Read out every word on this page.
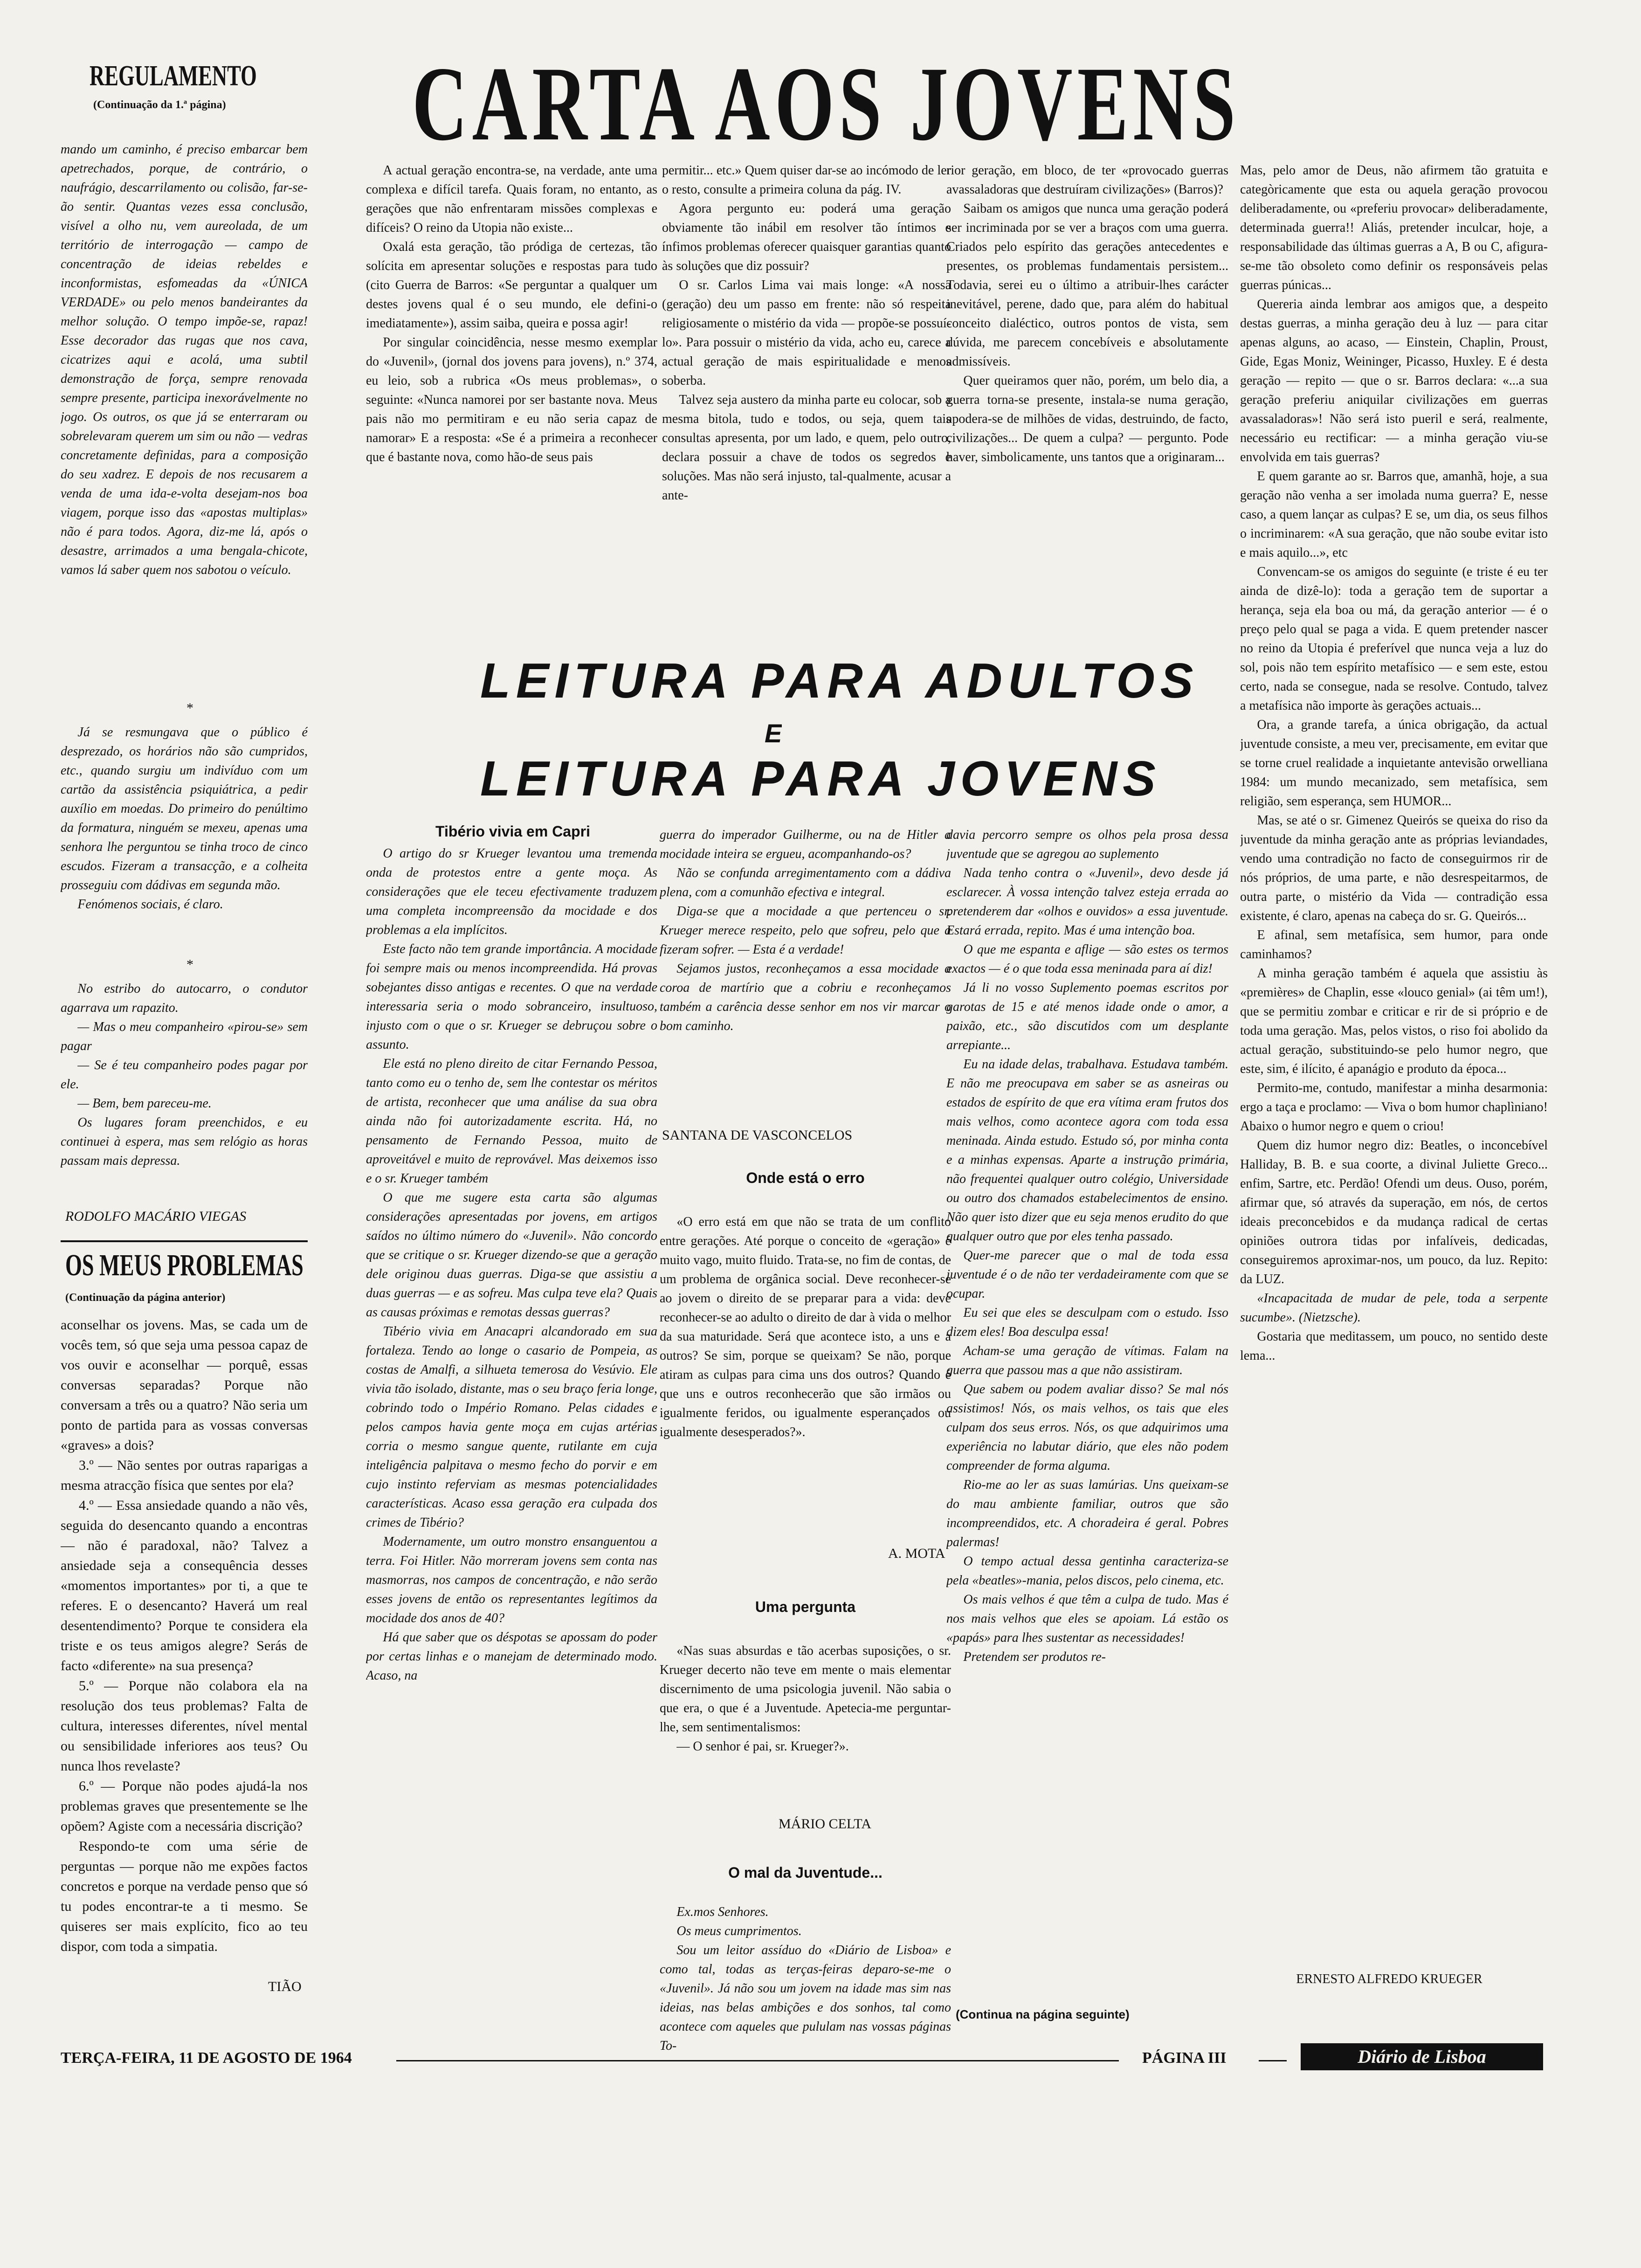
REGULAMENTO
(Continuação da 1.ª página)

mando um caminho, é preciso embarcar bem apetrechados, porque, de contrário, o naufrágio, descarrilamento ou colisão, far-se-ão sentir. Quantas vezes essa conclusão, visível a olho nu, vem aureolada, de um território de interrogação — campo de concentração de ideias rebeldes e inconformistas, esfomeadas da «ÚNICA VERDADE» ou pelo menos bandeirantes da melhor solução. O tempo impõe-se, rapaz! Esse decorador das rugas que nos cava, cicatrizes aqui e acolá, uma subtil demonstração de força, sempre renovada sempre presente, participa inexorávelmente no jogo. Os outros, os que já se enterraram ou sobrelevaram querem um sim ou não — vedras concretamente definidas, para a composição do seu xadrez. E depois de nos recusarem a venda de uma ida-e-volta desejam-nos boa viagem, porque isso das «apostas multiplas» não é para todos. Agora, diz-me lá, após o desastre, arrimados a uma bengala-chicote, vamos lá saber quem nos sabotou o veículo.

*

Já se resmungava que o público é desprezado, os horários não são cumpridos, etc., quando surgiu um indivíduo com um cartão da assistência psiquiátrica, a pedir auxílio em moedas. Do primeiro do penúltimo da formatura, ninguém se mexeu, apenas uma senhora lhe perguntou se tinha troco de cinco escudos. Fizeram a transacção, e a colheita prosseguiu com dádivas em segunda mão.

Fenómenos sociais, é claro.

*

No estribo do autocarro, o condutor agarrava um rapazito.

— Mas o meu companheiro «pirou-se» sem pagar

— Se é teu companheiro podes pagar por ele.

— Bem, bem pareceu-me.

Os lugares foram preenchidos, e eu continuei à espera, mas sem relógio as horas passam mais depressa.

RODOLFO MACÁRIO VIEGAS
OS MEUS PROBLEMAS
(Continuação da página anterior)

aconselhar os jovens. Mas, se cada um de vocês tem, só que seja uma pessoa capaz de vos ouvir e aconselhar — porquê, essas conversas separadas? Porque não conversam a três ou a quatro? Não seria um ponto de partida para as vossas conversas «graves» a dois?

3.º — Não sentes por outras raparigas a mesma atracção física que sentes por ela?

4.º — Essa ansiedade quando a não vês, seguida do desencanto quando a encontras — não é paradoxal, não? Talvez a ansiedade seja a consequência desses «momentos importantes» por ti, a que te referes. E o desencanto? Haverá um real desentendimento? Porque te considera ela triste e os teus amigos alegre? Serás de facto «diferente» na sua presença?

5.º — Porque não colabora ela na resolução dos teus problemas? Falta de cultura, interesses diferentes, nível mental ou sensibilidade inferiores aos teus? Ou nunca lhos revelaste?

6.º — Porque não podes ajudá-la nos problemas graves que presentemente se lhe opõem? Agiste com a necessária discrição?

Respondo-te com uma série de perguntas — porque não me expões factos concretos e porque na verdade penso que só tu podes encontrar-te a ti mesmo. Se quiseres ser mais explícito, fico ao teu dispor, com toda a simpatia.

TIÃO
CARTA AOS JOVENS

A actual geração encontra-se, na verdade, ante uma complexa e difícil tarefa. Quais foram, no entanto, as gerações que não enfrentaram missões complexas e difíceis? O reino da Utopia não existe...

Oxalá esta geração, tão pródiga de certezas, tão solícita em apresentar soluções e respostas para tudo (cito Guerra de Barros: «Se perguntar a qualquer um destes jovens qual é o seu mundo, ele defini-o imediatamente»), assim saiba, queira e possa agir!

Por singular coincidência, nesse mesmo exemplar do «Juvenil», (jornal dos jovens para jovens), n.º 374, eu leio, sob a rubrica «Os meus problemas», o seguinte: «Nunca namorei por ser bastante nova. Meus pais não mo permitiram e eu não seria capaz de namorar» E a resposta: «Se é a primeira a reconhecer que é bastante nova, como hão-de seus pais

permitir... etc.» Quem quiser dar-se ao incómodo de ler o resto, consulte a primeira coluna da pág. IV.

Agora pergunto eu: poderá uma geração obviamente tão inábil em resolver tão íntimos e ínfimos problemas oferecer quaisquer garantias quanto às soluções que diz possuir?

O sr. Carlos Lima vai mais longe: «A nossa (geração) deu um passo em frente: não só respeita religiosamente o mistério da vida — propõe-se possuí-lo». Para possuir o mistério da vida, acho eu, carece a actual geração de mais espiritualidade e menos soberba.

Talvez seja austero da minha parte eu colocar, sob a mesma bitola, tudo e todos, ou seja, quem tais consultas apresenta, por um lado, e quem, pelo outro, declara possuir a chave de todos os segredos e soluções. Mas não será injusto, tal-qualmente, acusar a ante-

rior geração, em bloco, de ter «provocado guerras avassaladoras que destruíram civilizações» (Barros)?

Saibam os amigos que nunca uma geração poderá ser incriminada por se ver a braços com uma guerra. Criados pelo espírito das gerações antecedentes e presentes, os problemas fundamentais persistem... Todavia, serei eu o último a atribuir-lhes carácter inevitável, perene, dado que, para além do habitual conceito dialéctico, outros pontos de vista, sem dúvida, me parecem concebíveis e absolutamente admissíveis.

Quer queiramos quer não, porém, um belo dia, a guerra torna-se presente, instala-se numa geração, apodera-se de milhões de vidas, destruindo, de facto, civilizações... De quem a culpa? — pergunto. Pode haver, simbolicamente, uns tantos que a originaram...

Mas, pelo amor de Deus, não afirmem tão gratuita e categòricamente que esta ou aquela geração provocou deliberadamente, ou «preferiu provocar» deliberadamente, determinada guerra!! Aliás, pretender inculcar, hoje, a responsabilidade das últimas guerras a A, B ou C, afigura-se-me tão obsoleto como definir os responsáveis pelas guerras púnicas...

Quereria ainda lembrar aos amigos que, a despeito destas guerras, a minha geração deu à luz — para citar apenas alguns, ao acaso, — Einstein, Chaplin, Proust, Gide, Egas Moniz, Weininger, Picasso, Huxley. E é desta geração — repito — que o sr. Barros declara: «...a sua geração preferiu aniquilar civilizações em guerras avassaladoras»! Não será isto pueril e será, realmente, necessário eu rectificar: — a minha geração viu-se envolvida em tais guerras?

E quem garante ao sr. Barros que, amanhã, hoje, a sua geração não venha a ser imolada numa guerra? E, nesse caso, a quem lançar as culpas? E se, um dia, os seus filhos o incriminarem: «A sua geração, que não soube evitar isto e mais aquilo...», etc

Convencam-se os amigos do seguinte (e triste é eu ter ainda de dizê-lo): toda a geração tem de suportar a herança, seja ela boa ou má, da geração anterior — é o preço pelo qual se paga a vida. E quem pretender nascer no reino da Utopia é preferível que nunca veja a luz do sol, pois não tem espírito metafísico — e sem este, estou certo, nada se consegue, nada se resolve. Contudo, talvez a metafísica não importe às gerações actuais...

Ora, a grande tarefa, a única obrigação, da actual juventude consiste, a meu ver, precisamente, em evitar que se torne cruel realidade a inquietante antevisão orwelliana 1984: um mundo mecanizado, sem metafísica, sem religião, sem esperança, sem HUMOR...

Mas, se até o sr. Gimenez Queirós se queixa do riso da juventude da minha geração ante as próprias leviandades, vendo uma contradição no facto de conseguirmos rir de nós próprios, de uma parte, e não desrespeitarmos, de outra parte, o mistério da Vida — contradição essa existente, é claro, apenas na cabeça do sr. G. Queirós...

E afinal, sem metafísica, sem humor, para onde caminhamos?

A minha geração também é aquela que assistiu às «premières» de Chaplin, esse «louco genial» (ai têm um!), que se permitiu zombar e criticar e rir de si próprio e de toda uma geração. Mas, pelos vistos, o riso foi abolido da actual geração, substituindo-se pelo humor negro, que este, sim, é ilícito, é apanágio e produto da época...

Permito-me, contudo, manifestar a minha desarmonia: ergo a taça e proclamo: — Viva o bom humor chaplìniano! Abaixo o humor negro e quem o criou!

Quem diz humor negro diz: Beatles, o inconcebível Halliday, B. B. e sua coorte, a divinal Juliette Greco... enfim, Sartre, etc. Perdão! Ofendi um deus. Ouso, porém, afirmar que, só através da superação, em nós, de certos ideais preconcebidos e da mudança radical de certas opiniões outrora tidas por infalíveis, dedicadas, conseguiremos aproximar-nos, um pouco, da luz. Repito: da LUZ.

«Incapacitada de mudar de pele, toda a serpente sucumbe». (Nietzsche).

Gostaria que meditassem, um pouco, no sentido deste lema...

ERNESTO ALFREDO KRUEGER
LEITURA PARA ADULTOS
E
LEITURA PARA JOVENS
Tibério vivia em Capri

O artigo do sr Krueger levantou uma tremenda onda de protestos entre a gente moça. As considerações que ele teceu efectivamente traduzem uma completa incompreensão da mocidade e dos problemas a ela implícitos.

Este facto não tem grande importância. A mocidade foi sempre mais ou menos incompreendida. Há provas sobejantes disso antigas e recentes. O que na verdade interessaria seria o modo sobranceiro, insultuoso, injusto com o que o sr. Krueger se debruçou sobre o assunto.

Ele está no pleno direito de citar Fernando Pessoa, tanto como eu o tenho de, sem lhe contestar os méritos de artista, reconhecer que uma análise da sua obra ainda não foi autorizadamente escrita. Há, no pensamento de Fernando Pessoa, muito de aproveitável e muito de reprovável. Mas deixemos isso e o sr. Krueger também

O que me sugere esta carta são algumas considerações apresentadas por jovens, em artigos saídos no último número do «Juvenil». Não concordo que se critique o sr. Krueger dizendo-se que a geração dele originou duas guerras. Diga-se que assistiu a duas guerras — e as sofreu. Mas culpa teve ela? Quais as causas próximas e remotas dessas guerras?

Tibério vivia em Anacapri alcandorado em sua fortaleza. Tendo ao longe o casario de Pompeia, as costas de Amalfi, a silhueta temerosa do Vesúvio. Ele vivia tão isolado, distante, mas o seu braço feria longe, cobrindo todo o Império Romano. Pelas cidades e pelos campos havia gente moça em cujas artérias corria o mesmo sangue quente, rutilante em cuja inteligência palpitava o mesmo fecho do porvir e em cujo instinto referviam as mesmas potencialidades características. Acaso essa geração era culpada dos crimes de Tibério?

Modernamente, um outro monstro ensanguentou a terra. Foi Hitler. Não morreram jovens sem conta nas masmorras, nos campos de concentração, e não serão esses jovens de então os representantes legítimos da mocidade dos anos de 40?

Há que saber que os déspotas se apossam do poder por certas linhas e o manejam de determinado modo. Acaso, na

guerra do imperador Guilherme, ou na de Hitler a mocidade inteira se ergueu, acompanhando-os?

Não se confunda arregimentamento com a dádiva plena, com a comunhão efectiva e integral.

Diga-se que a mocidade a que pertenceu o sr. Krueger merece respeito, pelo que sofreu, pelo que a fizeram sofrer. — Esta é a verdade!

Sejamos justos, reconheçamos a essa mocidade a coroa de martírio que a cobriu e reconheçamos também a carência desse senhor em nos vir marcar o bom caminho.

SANTANA DE VASCONCELOS
Onde está o erro

«O erro está em que não se trata de um conflito entre gerações. Até porque o conceito de «geração» é muito vago, muito fluido. Trata-se, no fim de contas, de um problema de orgânica social. Deve reconhecer-se ao jovem o direito de se preparar para a vida: deve reconhecer-se ao adulto o direito de dar à vida o melhor da sua maturidade. Será que acontece isto, a uns e a outros? Se sim, porque se queixam? Se não, porque atiram as culpas para cima uns dos outros? Quando é que uns e outros reconhecerão que são irmãos ou igualmente feridos, ou igualmente esperançados ou igualmente desesperados?».

A. MOTA
Uma pergunta

«Nas suas absurdas e tão acerbas suposições, o sr. Krueger decerto não teve em mente o mais elementar discernimento de uma psicologia juvenil. Não sabia o que era, o que é a Juventude. Apetecia-me perguntar-lhe, sem sentimentalismos:

— O senhor é pai, sr. Krueger?».

MÁRIO CELTA
O mal da Juventude...

Ex.mos Senhores.

Os meus cumprimentos.

Sou um leitor assíduo do «Diário de Lisboa» e como tal, todas as terças-feiras deparo-se-me o «Juvenil». Já não sou um jovem na idade mas sim nas ideias, nas belas ambições e dos sonhos, tal como acontece com aqueles que pululam nas vossas páginas To-

davia percorro sempre os olhos pela prosa dessa juventude que se agregou ao suplemento

Nada tenho contra o «Juvenil», devo desde já esclarecer. À vossa intenção talvez esteja errada ao pretenderem dar «olhos e ouvidos» a essa juventude. Estará errada, repito. Mas é uma intenção boa.

O que me espanta e aflige — são estes os termos exactos — é o que toda essa meninada para aí diz!

Já li no vosso Suplemento poemas escritos por garotas de 15 e até menos idade onde o amor, a paixão, etc., são discutidos com um desplante arrepiante...

Eu na idade delas, trabalhava. Estudava também. E não me preocupava em saber se as asneiras ou estados de espírito de que era vítima eram frutos dos mais velhos, como acontece agora com toda essa meninada. Ainda estudo. Estudo só, por minha conta e a minhas expensas. Aparte a instrução primária, não frequentei qualquer outro colégio, Universidade ou outro dos chamados estabelecimentos de ensino. Não quer isto dizer que eu seja menos erudito do que qualquer outro que por eles tenha passado.

Quer-me parecer que o mal de toda essa juventude é o de não ter verdadeiramente com que se ocupar.

Eu sei que eles se desculpam com o estudo. Isso dizem eles! Boa desculpa essa!

Acham-se uma geração de vítimas. Falam na guerra que passou mas a que não assistiram.

Que sabem ou podem avaliar disso? Se mal nós assistimos! Nós, os mais velhos, os tais que eles culpam dos seus erros. Nós, os que adquirimos uma experiência no labutar diário, que eles não podem compreender de forma alguma.

Rio-me ao ler as suas lamúrias. Uns queixam-se do mau ambiente familiar, outros que são incompreendidos, etc. A choradeira é geral. Pobres palermas!

O tempo actual dessa gentinha caracteriza-se pela «beatles»-mania, pelos discos, pelo cinema, etc.

Os mais velhos é que têm a culpa de tudo. Mas é nos mais velhos que eles se apoiam. Lá estão os «papás» para lhes sustentar as necessidades!

Pretendem ser produtos re-

(Continua na página seguinte)
TERÇA-FEIRA, 11 DE AGOSTO DE 1964	PÁGINA III	Diário de Lisboa
